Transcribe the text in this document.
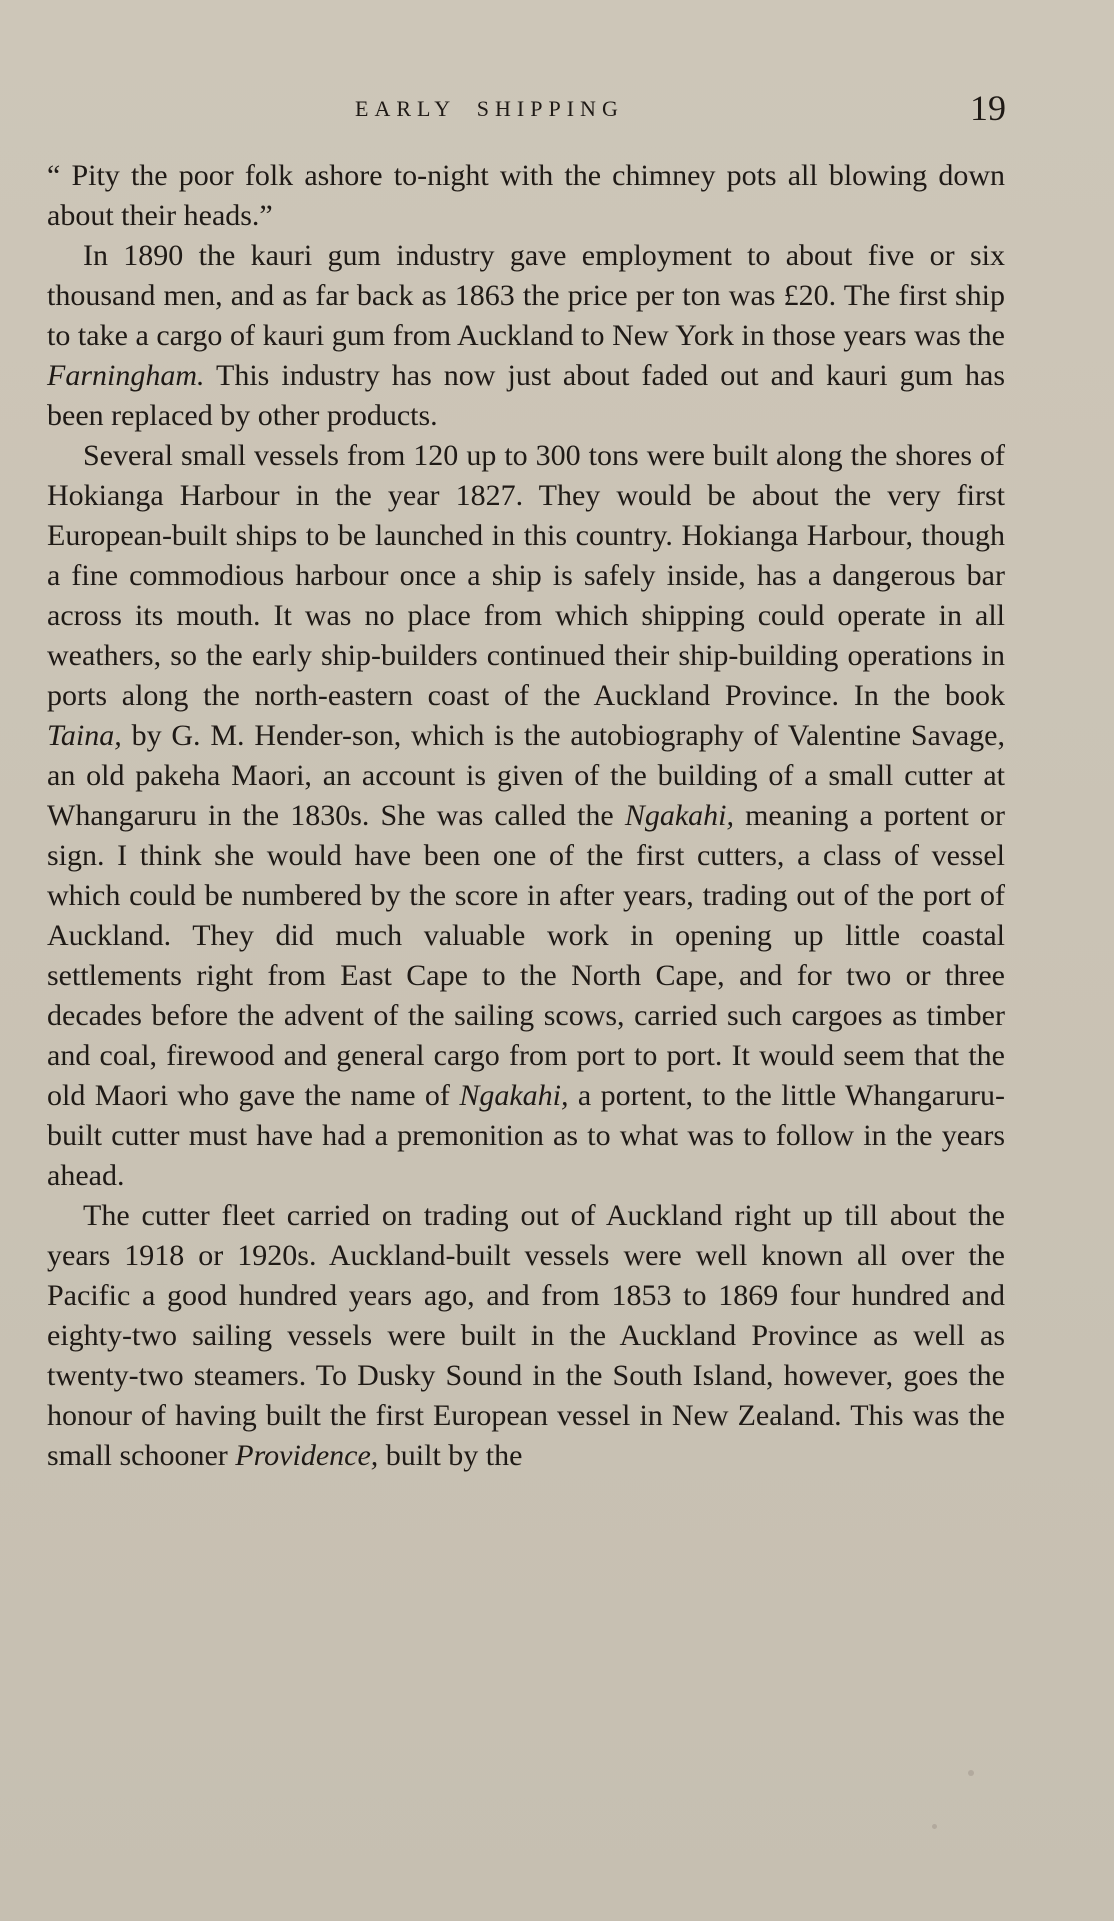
EARLY SHIPPING	19

“ Pity the poor folk ashore to-night with the chimney pots all blowing down about their heads.”

In 1890 the kauri gum industry gave employment to about five or six thousand men, and as far back as 1863 the price per ton was £20. The first ship to take a cargo of kauri gum from Auckland to New York in those years was the Farningham. This industry has now just about faded out and kauri gum has been replaced by other products.

Several small vessels from 120 up to 300 tons were built along the shores of Hokianga Harbour in the year 1827. They would be about the very first European-built ships to be launched in this country. Hokianga Harbour, though a fine commodious harbour once a ship is safely inside, has a dangerous bar across its mouth. It was no place from which shipping could operate in all weathers, so the early ship-builders continued their ship-building operations in ports along the north-eastern coast of the Auckland Province. In the book Taina, by G. M. Hender-son, which is the autobiography of Valentine Savage, an old pakeha Maori, an account is given of the building of a small cutter at Whangaruru in the 1830s. She was called the Ngakahi, meaning a portent or sign. I think she would have been one of the first cutters, a class of vessel which could be numbered by the score in after years, trading out of the port of Auckland. They did much valuable work in opening up little coastal settlements right from East Cape to the North Cape, and for two or three decades before the advent of the sailing scows, carried such cargoes as timber and coal, firewood and general cargo from port to port. It would seem that the old Maori who gave the name of Ngakahi, a portent, to the little Whangaruru-built cutter must have had a premonition as to what was to follow in the years ahead.

The cutter fleet carried on trading out of Auckland right up till about the years 1918 or 1920s. Auckland-built vessels were well known all over the Pacific a good hundred years ago, and from 1853 to 1869 four hundred and eighty-two sailing vessels were built in the Auckland Province as well as twenty-two steamers. To Dusky Sound in the South Island, however, goes the honour of having built the first European vessel in New Zealand. This was the small schooner Providence, built by the
